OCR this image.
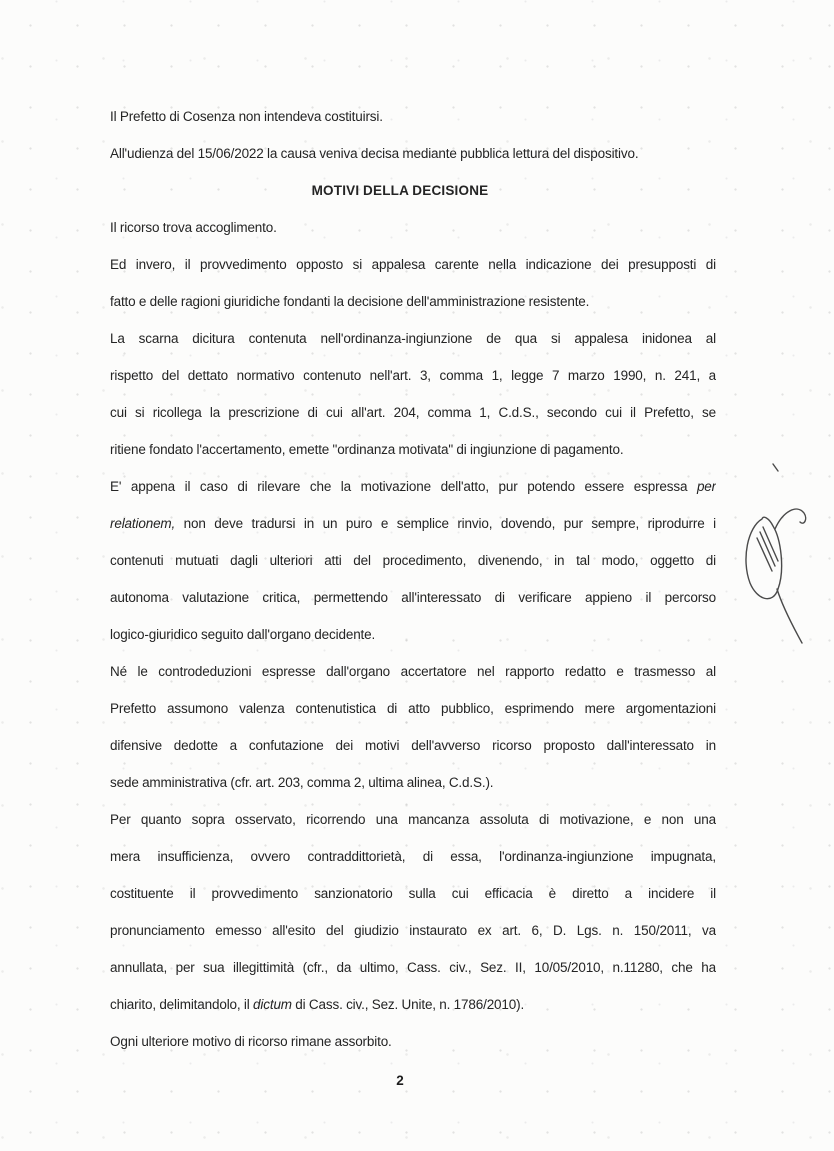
Il Prefetto di Cosenza non intendeva costituirsi.
All'udienza del 15/06/2022 la causa veniva decisa mediante pubblica lettura del dispositivo.
MOTIVI DELLA DECISIONE
Il ricorso trova accoglimento.
Ed invero, il provvedimento opposto si appalesa carente nella indicazione dei presupposti di
fatto e delle ragioni giuridiche fondanti la decisione dell'amministrazione resistente.
La scarna dicitura contenuta nell'ordinanza-ingiunzione de qua si appalesa inidonea al
rispetto del dettato normativo contenuto nell'art. 3, comma 1, legge 7 marzo 1990, n. 241, a
cui si ricollega la prescrizione di cui all'art. 204, comma 1, C.d.S., secondo cui il Prefetto, se
ritiene fondato l'accertamento, emette "ordinanza motivata" di ingiunzione di pagamento.
E' appena il caso di rilevare che la motivazione dell'atto, pur potendo essere espressa per
relationem, non deve tradursi in un puro e semplice rinvio, dovendo, pur sempre, riprodurre i
contenuti mutuati dagli ulteriori atti del procedimento, divenendo, in tal modo, oggetto di
autonoma valutazione critica, permettendo all'interessato di verificare appieno il percorso
logico-giuridico seguito dall'organo decidente.
Né le controdeduzioni espresse dall'organo accertatore nel rapporto redatto e trasmesso al
Prefetto assumono valenza contenutistica di atto pubblico, esprimendo mere argomentazioni
difensive dedotte a confutazione dei motivi dell'avverso ricorso proposto dall'interessato in
sede amministrativa (cfr. art. 203, comma 2, ultima alinea, C.d.S.).
Per quanto sopra osservato, ricorrendo una mancanza assoluta di motivazione, e non una
mera insufficienza, ovvero contraddittorietà, di essa, l'ordinanza-ingiunzione impugnata,
costituente il provvedimento sanzionatorio sulla cui efficacia è diretto a incidere il
pronunciamento emesso all'esito del giudizio instaurato ex art. 6, D. Lgs. n. 150/2011, va
annullata, per sua illegittimità (cfr., da ultimo, Cass. civ., Sez. II, 10/05/2010, n.11280, che ha
chiarito, delimitandolo, il dictum di Cass. civ., Sez. Unite, n. 1786/2010).
Ogni ulteriore motivo di ricorso rimane assorbito.
2
